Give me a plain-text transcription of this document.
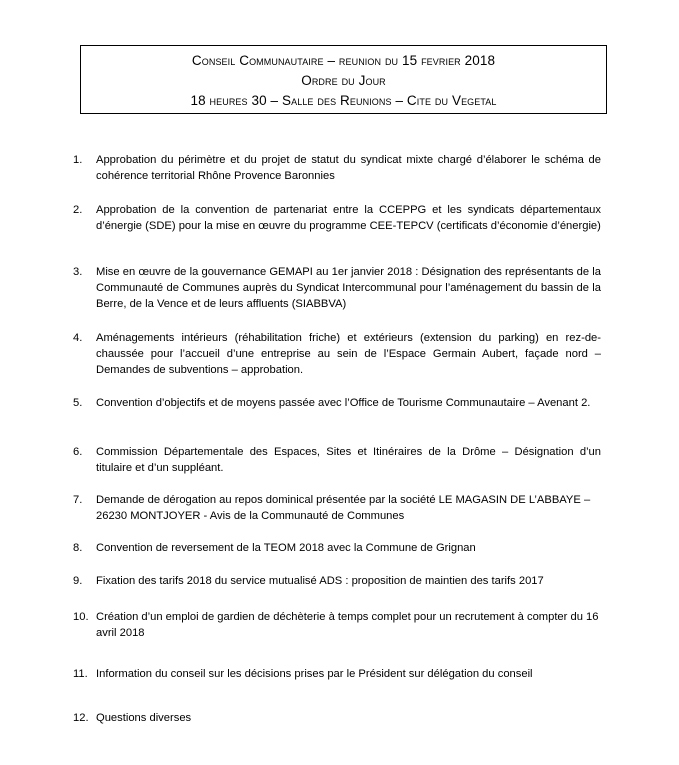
Conseil Communautaire – reunion du 15 fevrier 2018
Ordre du Jour
18 heures 30 – Salle des Reunions – Cite du Vegetal
1. Approbation du périmètre et du projet de statut du syndicat mixte chargé d’élaborer le schéma de cohérence territorial Rhône Provence Baronnies
2. Approbation de la convention de partenariat entre la CCEPPG et les syndicats départementaux d’énergie (SDE) pour la mise en œuvre du programme CEE-TEPCV (certificats d’économie d’énergie)
3. Mise en œuvre de la gouvernance GEMAPI au 1er janvier 2018 : Désignation des représentants de la Communauté de Communes auprès du Syndicat Intercommunal pour l’aménagement du bassin de la Berre, de la Vence et de leurs affluents (SIABBVA)
4. Aménagements intérieurs (réhabilitation friche) et extérieurs (extension du parking) en rez-de-chaussée pour l’accueil d’une entreprise au sein de l’Espace Germain Aubert, façade nord – Demandes de subventions – approbation.
5. Convention d’objectifs et de moyens passée avec l’Office de Tourisme Communautaire – Avenant 2.
6. Commission Départementale des Espaces, Sites et Itinéraires de la Drôme – Désignation d’un titulaire et d’un suppléant.
7. Demande de dérogation au repos dominical présentée par la société LE MAGASIN DE L’ABBAYE – 26230 MONTJOYER - Avis de la Communauté de Communes
8. Convention de reversement de la TEOM 2018 avec la Commune de Grignan
9. Fixation des tarifs 2018 du service mutualisé ADS : proposition de maintien des tarifs 2017
10. Création d’un emploi de gardien de déchèterie à temps complet pour un recrutement à compter du 16 avril 2018
11. Information du conseil sur les décisions prises par le Président sur délégation du conseil
12. Questions diverses
